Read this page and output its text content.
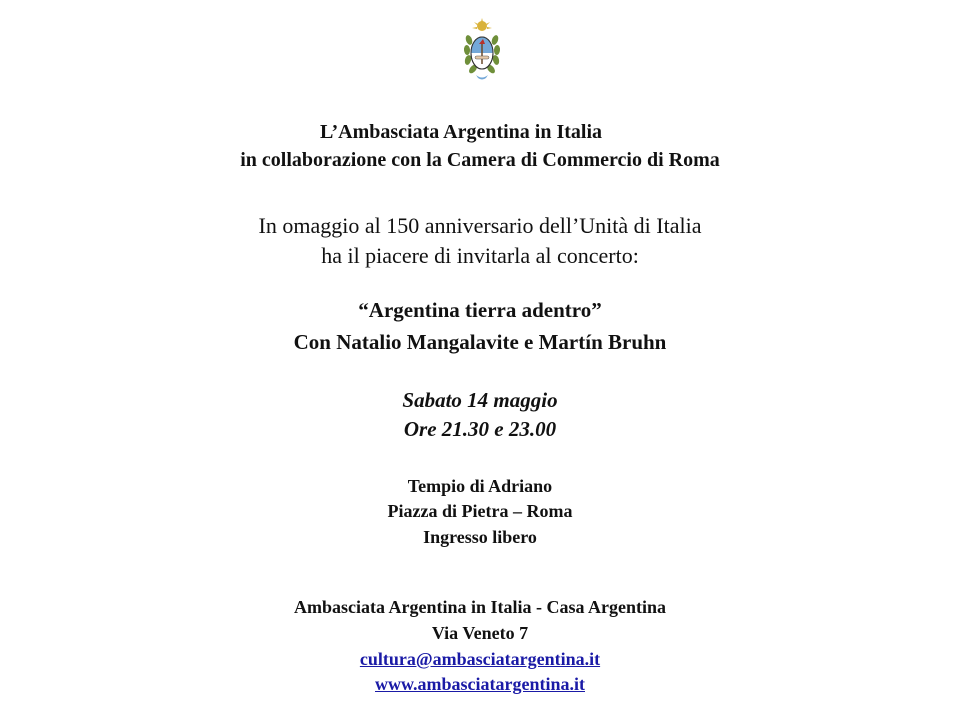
L’Ambasciata Argentina in Italia

in collaborazione con la Camera di Commercio di Roma

In omaggio al 150 anniversario dell’Unità di Italia

ha il piacere di invitarla al concerto:

“Argentina tierra adentro”

Con Natalio Mangalavite e Martín Bruhn

Sabato 14 maggio

Ore 21.30 e 23.00

Tempio di Adriano

Piazza di Pietra – Roma

Ingresso libero

Ambasciata Argentina in Italia - Casa Argentina

Via Veneto 7

cultura@ambasciatargentina.it

www.ambasciatargentina.it
